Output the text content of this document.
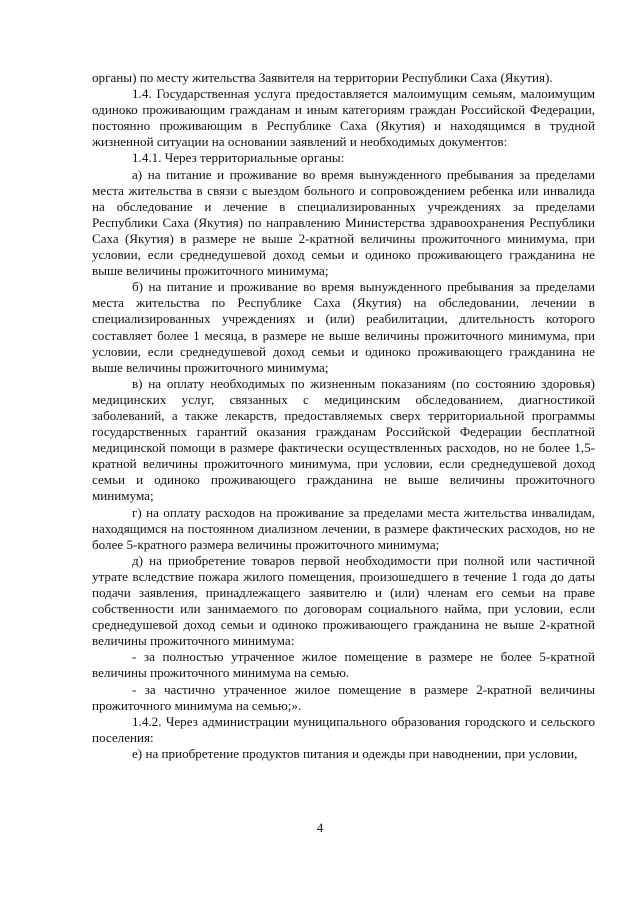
органы) по месту жительства Заявителя на территории Республики Саха (Якутия).

1.4. Государственная услуга предоставляется малоимущим семьям, малоимущим одиноко проживающим гражданам и иным категориям граждан Российской Федерации, постоянно проживающим в Республике Саха (Якутия) и находящимся в трудной жизненной ситуации на основании заявлений и необходимых документов:

1.4.1. Через территориальные органы:

а) на питание и проживание во время вынужденного пребывания за пределами места жительства в связи с выездом больного и сопровождением ребенка или инвалида на обследование и лечение в специализированных учреждениях за пределами Республики Саха (Якутия) по направлению Министерства здравоохранения Республики Саха (Якутия) в размере не выше 2-кратной величины прожиточного минимума, при условии, если среднедушевой доход семьи и одиноко проживающего гражданина не выше величины прожиточного минимума;

б) на питание и проживание во время вынужденного пребывания за пределами места жительства по Республике Саха (Якутия) на обследовании, лечении в специализированных учреждениях и (или) реабилитации, длительность которого составляет более 1 месяца, в размере не выше величины прожиточного минимума, при условии, если среднедушевой доход семьи и одиноко проживающего гражданина не выше величины прожиточного минимума;

в) на оплату необходимых по жизненным показаниям (по состоянию здоровья) медицинских услуг, связанных с медицинским обследованием, диагностикой заболеваний, а также лекарств, предоставляемых сверх территориальной программы государственных гарантий оказания гражданам Российской Федерации бесплатной медицинской помощи в размере фактически осуществленных расходов, но не более 1,5-кратной величины прожиточного минимума, при условии, если среднедушевой доход семьи и одиноко проживающего гражданина не выше величины прожиточного минимума;

г) на оплату расходов на проживание за пределами места жительства инвалидам, находящимся на постоянном диализном лечении, в размере фактических расходов, но не более 5-кратного размера величины прожиточного минимума;

д) на приобретение товаров первой необходимости при полной или частичной утрате вследствие пожара жилого помещения, произошедшего в течение 1 года до даты подачи заявления, принадлежащего заявителю и (или) членам его семьи на праве собственности или занимаемого по договорам социального найма, при условии, если среднедушевой доход семьи и одиноко проживающего гражданина не выше 2-кратной величины прожиточного минимума:

- за полностью утраченное жилое помещение в размере не более 5-кратной величины прожиточного минимума на семью.

- за частично утраченное жилое помещение в размере 2-кратной величины прожиточного минимума на семью;».

1.4.2. Через администрации муниципального образования городского и сельского поселения:

е) на приобретение продуктов питания и одежды при наводнении, при условии,

4
